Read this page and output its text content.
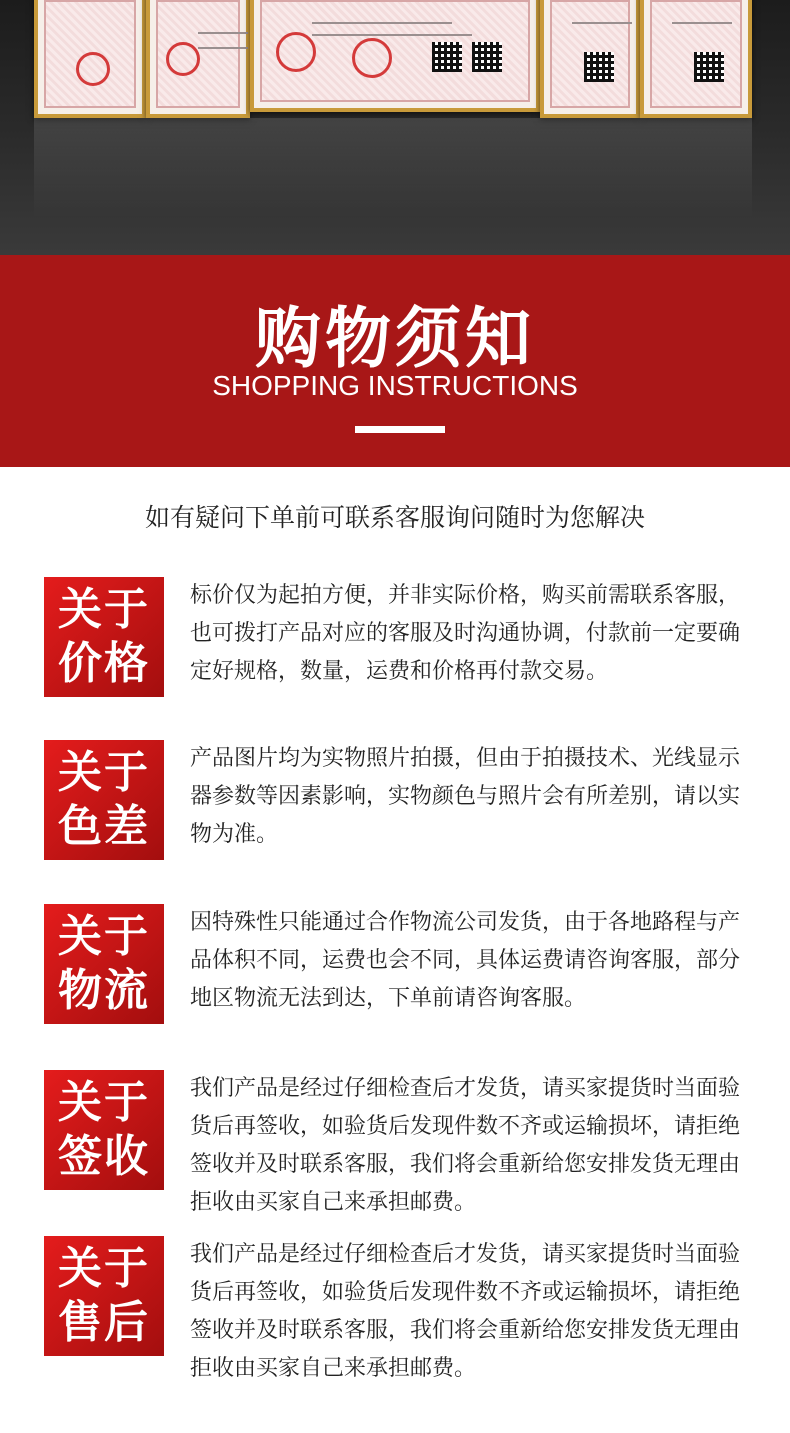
购物须知
SHOPPING INSTRUCTIONS
如有疑问下单前可联系客服询问随时为您解决
关于
价格
标价仅为起拍方便，并非实际价格，购买前需联系客服，也可拨打产品对应的客服及时沟通协调，付款前一定要确定好规格，数量，运费和价格再付款交易。
关于
色差
产品图片均为实物照片拍摄，但由于拍摄技术、光线显示器参数等因素影响，实物颜色与照片会有所差别，请以实物为准。
关于
物流
因特殊性只能通过合作物流公司发货，由于各地路程与产品体积不同，运费也会不同，具体运费请咨询客服，部分地区物流无法到达，下单前请咨询客服。
关于
签收
我们产品是经过仔细检查后才发货，请买家提货时当面验货后再签收，如验货后发现件数不齐或运输损坏，请拒绝签收并及时联系客服，我们将会重新给您安排发货无理由拒收由买家自己来承担邮费。
关于
售后
我们产品是经过仔细检查后才发货，请买家提货时当面验货后再签收，如验货后发现件数不齐或运输损坏，请拒绝签收并及时联系客服，我们将会重新给您安排发货无理由拒收由买家自己来承担邮费。
